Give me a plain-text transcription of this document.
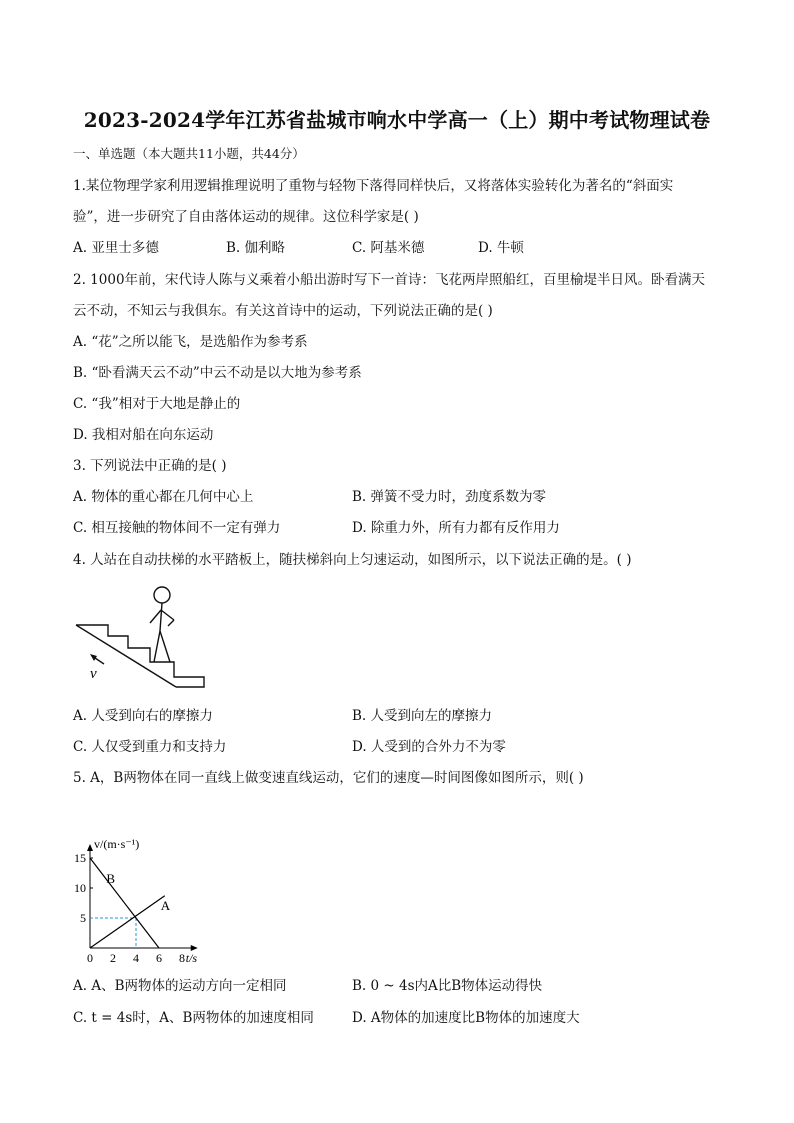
2023-2024学年江苏省盐城市响水中学高一（上）期中考试物理试卷
一、单选题（本大题共11小题，共44分）
1.某位物理学家利用逻辑推理说明了重物与轻物下落得同样快后，又将落体实验转化为著名的“斜面实
验”，进一步研究了自由落体运动的规律。这位科学家是( )
A. 亚里士多德	B. 伽利略	C. 阿基米德	D. 牛顿
2. 1000年前，宋代诗人陈与义乘着小船出游时写下一首诗：飞花两岸照船红，百里榆堤半日风。卧看满天
云不动，不知云与我俱东。有关这首诗中的运动，下列说法正确的是( )
A. “花”之所以能飞，是选船作为参考系
B. “卧看满天云不动”中云不动是以大地为参考系
C. “我”相对于大地是静止的
D. 我相对船在向东运动
3. 下列说法中正确的是( )
A. 物体的重心都在几何中心上	B. 弹簧不受力时，劲度系数为零
C. 相互接触的物体间不一定有弹力	D. 除重力外，所有力都有反作用力
4. 人站在自动扶梯的水平踏板上，随扶梯斜向上匀速运动，如图所示，以下说法正确的是。( )
v
A. 人受到向右的摩擦力	B. 人受到向左的摩擦力
C. 人仅受到重力和支持力	D. 人受到的合外力不为零
5. A，B两物体在同一直线上做变速直线运动，它们的速度—时间图像如图所示，则( )
v/(m·s⁻¹)
t/s
0 2 4 6 8
5
10
15
A
B
A. A、B两物体的运动方向一定相同	B. 0 ~ 4s内A比B物体运动得快
C. t = 4s时，A、B两物体的加速度相同	D. A物体的加速度比B物体的加速度大
